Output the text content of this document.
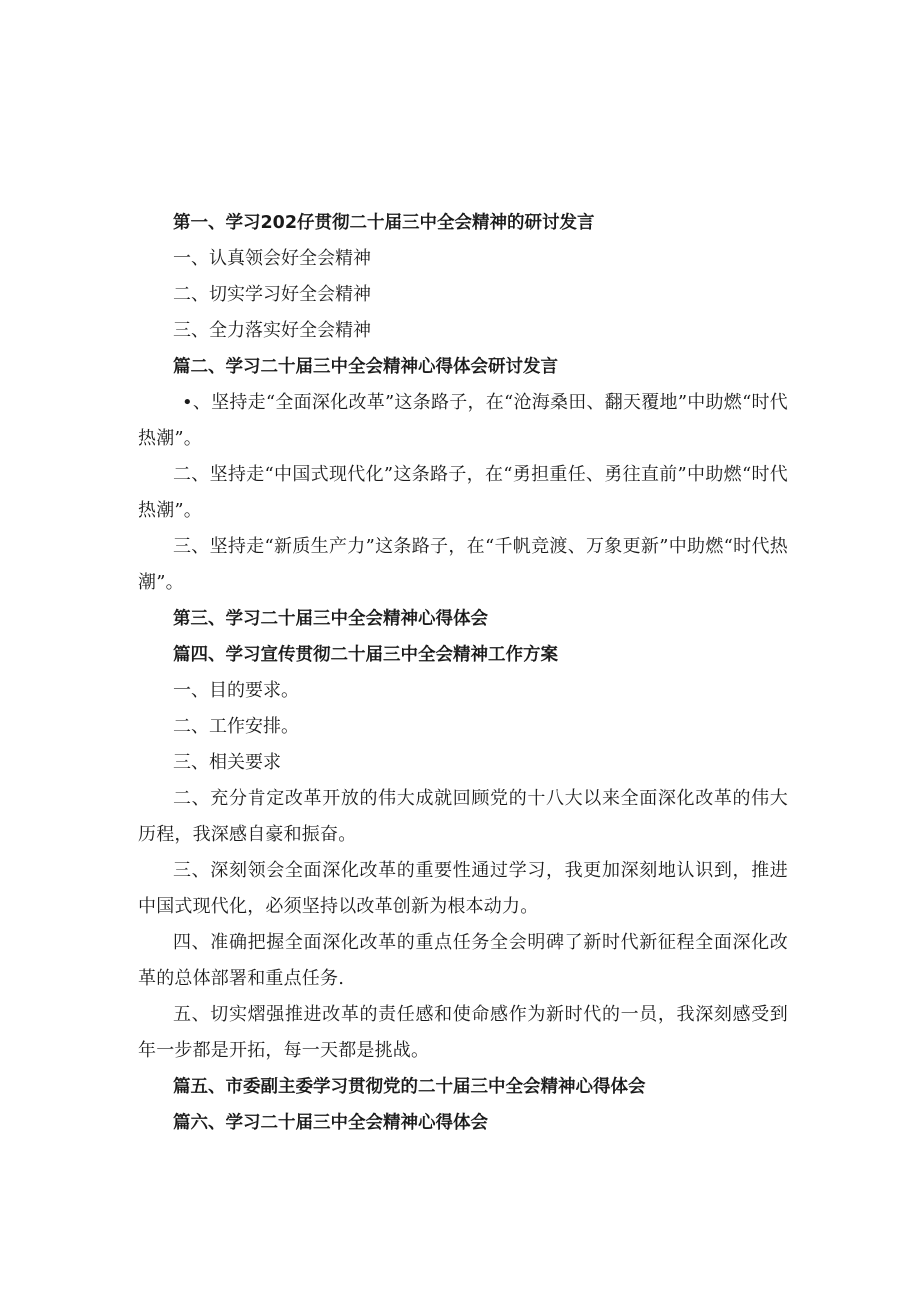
第一、学习202仔贯彻二十届三中全会精神的研讨发言

一、认真领会好全会精神

二、切实学习好全会精神

三、全力落实好全会精神

篇二、学习二十届三中全会精神心得体会研讨发言

•、坚持走“全面深化改革”这条路子，在“沧海桑田、翻天覆地”中助燃“时代热潮”。

二、坚持走“中国式现代化”这条路子，在“勇担重任、勇往直前”中助燃“时代热潮”。

三、坚持走“新质生产力”这条路子，在“千帆竞渡、万象更新”中助燃“时代热潮”。

第三、学习二十届三中全会精神心得体会

篇四、学习宣传贯彻二十届三中全会精神工作方案

一、目的要求。

二、工作安排。

三、相关要求

二、充分肯定改革开放的伟大成就回顾党的十八大以来全面深化改革的伟大历程，我深感自豪和振奋。

三、深刻领会全面深化改革的重要性通过学习，我更加深刻地认识到，推进中国式现代化，必须坚持以改革创新为根本动力。

四、准确把握全面深化改革的重点任务全会明碑了新时代新征程全面深化改革的总体部署和重点任务.

五、切实熠强推进改革的责任感和使命感作为新时代的一员，我深刻感受到年一步都是开拓，每一天都是挑战。

篇五、市委副主委学习贯彻党的二十届三中全会精神心得体会

篇六、学习二十届三中全会精神心得体会
